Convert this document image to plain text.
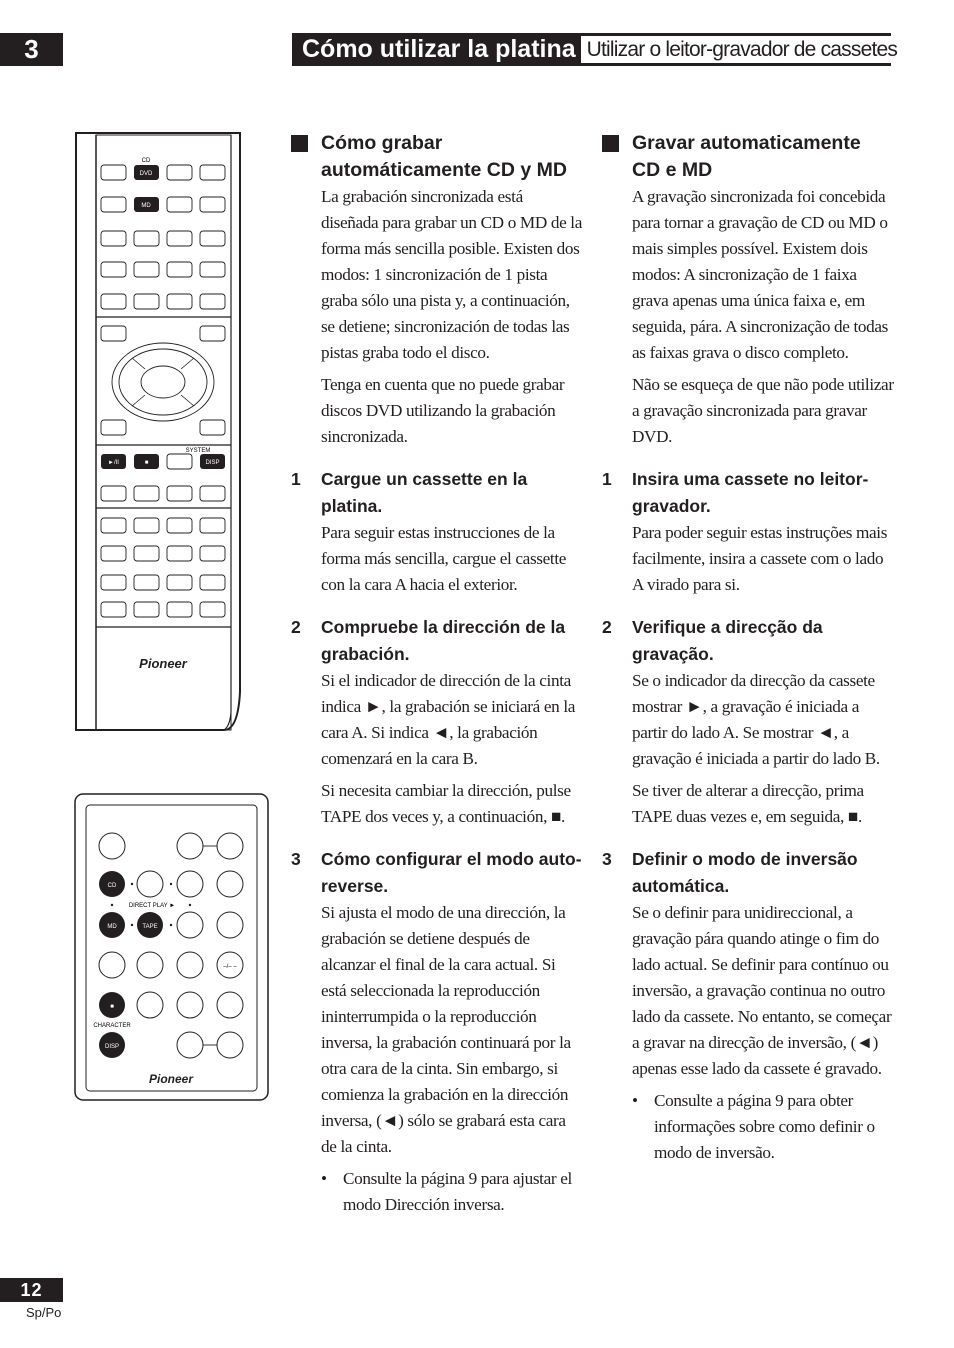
3	Cómo utilizar la platina Utilizar o leitor-gravador de cassetes
CD
DVD
MD
SYSTEM
►/II	■	DISP
Pioneer
CD
DIRECT PLAY ►
MD	TAPE
–/– –
■
CHARACTER
DISP
Pioneer
Cómo grabar automáticamente CD y MD

La grabación sincronizada está diseñada para grabar un CD o MD de la forma más sencilla posible. Existen dos modos: 1 sincronización de 1 pista graba sólo una pista y, a continuación, se detiene; sincronización de todas las pistas graba todo el disco.

Tenga en cuenta que no puede grabar discos DVD utilizando la grabación sincronizada.

1	Cargue un cassette en la platina.

Para seguir estas instrucciones de la forma más sencilla, cargue el cassette con la cara A hacia el exterior.

2	Compruebe la dirección de la grabación.

Si el indicador de dirección de la cinta indica ►, la grabación se iniciará en la cara A. Si indica ◄, la grabación comenzará en la cara B.

Si necesita cambiar la dirección, pulse TAPE dos veces y, a continuación, ■.

3	Cómo configurar el modo auto-reverse.

Si ajusta el modo de una dirección, la grabación se detiene después de alcanzar el final de la cara actual. Si está seleccionada la reproducción ininterrumpida o la reproducción inversa, la grabación continuará por la otra cara de la cinta. Sin embargo, si comienza la grabación en la dirección inversa, (◄) sólo se grabará esta cara de la cinta.

• Consulte la página 9 para ajustar el modo Dirección inversa.
Gravar automaticamente CD e MD

A gravação sincronizada foi concebida para tornar a gravação de CD ou MD o mais simples possível. Existem dois modos: A sincronização de 1 faixa grava apenas uma única faixa e, em seguida, pára. A sincronização de todas as faixas grava o disco completo.

Não se esqueça de que não pode utilizar a gravação sincronizada para gravar DVD.

1	Insira uma cassete no leitor-gravador.

Para poder seguir estas instruções mais facilmente, insira a cassete com o lado A virado para si.

2	Verifique a direcção da gravação.

Se o indicador da direcção da cassete mostrar ►, a gravação é iniciada a partir do lado A. Se mostrar ◄, a gravação é iniciada a partir do lado B.

Se tiver de alterar a direcção, prima TAPE duas vezes e, em seguida, ■.

3	Definir o modo de inversão automática.

Se o definir para unidireccional, a gravação pára quando atinge o fim do lado actual. Se definir para contínuo ou inversão, a gravação continua no outro lado da cassete. No entanto, se começar a gravar na direcção de inversão, (◄) apenas esse lado da cassete é gravado.

• Consulte a página 9 para obter informações sobre como definir o modo de inversão.
12
Sp/Po
